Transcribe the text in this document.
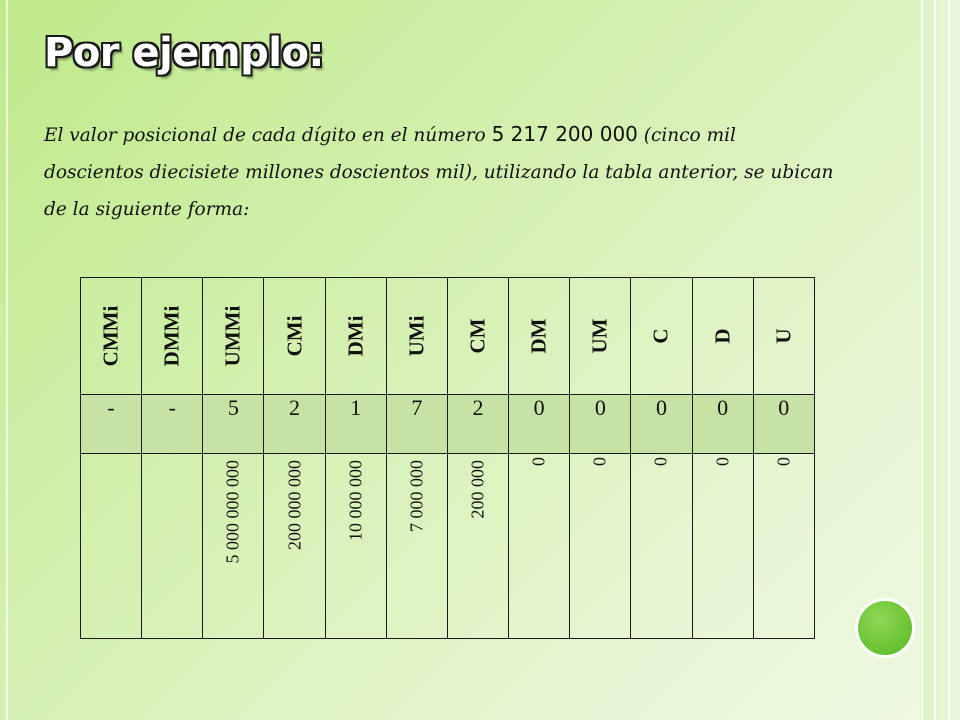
Por ejemplo:

El valor posicional de cada dígito en el número 5 217 200 000 (cinco mil doscientos diecisiete millones doscientos mil), utilizando la tabla anterior, se ubican de la siguiente forma:

CMMi	DMMi	UMMi	CMi	DMi	UMi	CM	DM	UM	C	D	U

-	-	5	2	1	7	2	0	0	0	0	0

		5 000 000 000	200 000 000	10 000 000	7 000 000	200 000	0	0	0	0	0
